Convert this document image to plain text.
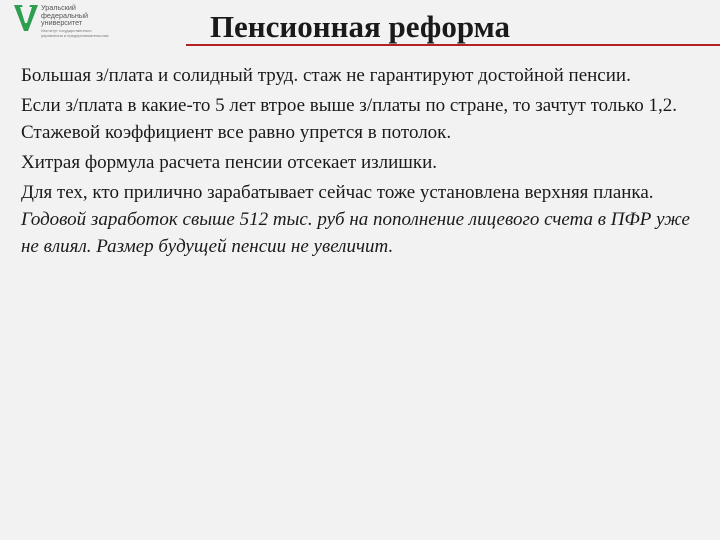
Уральский
федеральный
университет
Институт государственного
управления и предпринимательства	Пенсионная реформа

Большая з/плата и солидный труд. стаж не гарантируют достойной пенсии.

Если з/плата в какие-то 5 лет втрое выше з/платы по стране, то зачтут только 1,2. Стажевой коэффициент все равно упрется в потолок.

Хитрая формула расчета пенсии отсекает излишки.

Для тех, кто прилично зарабатывает сейчас тоже установлена верхняя планка. Годовой заработок свыше 512 тыс. руб на пополнение лицевого счета в ПФР уже не влиял. Размер будущей пенсии не увеличит.
